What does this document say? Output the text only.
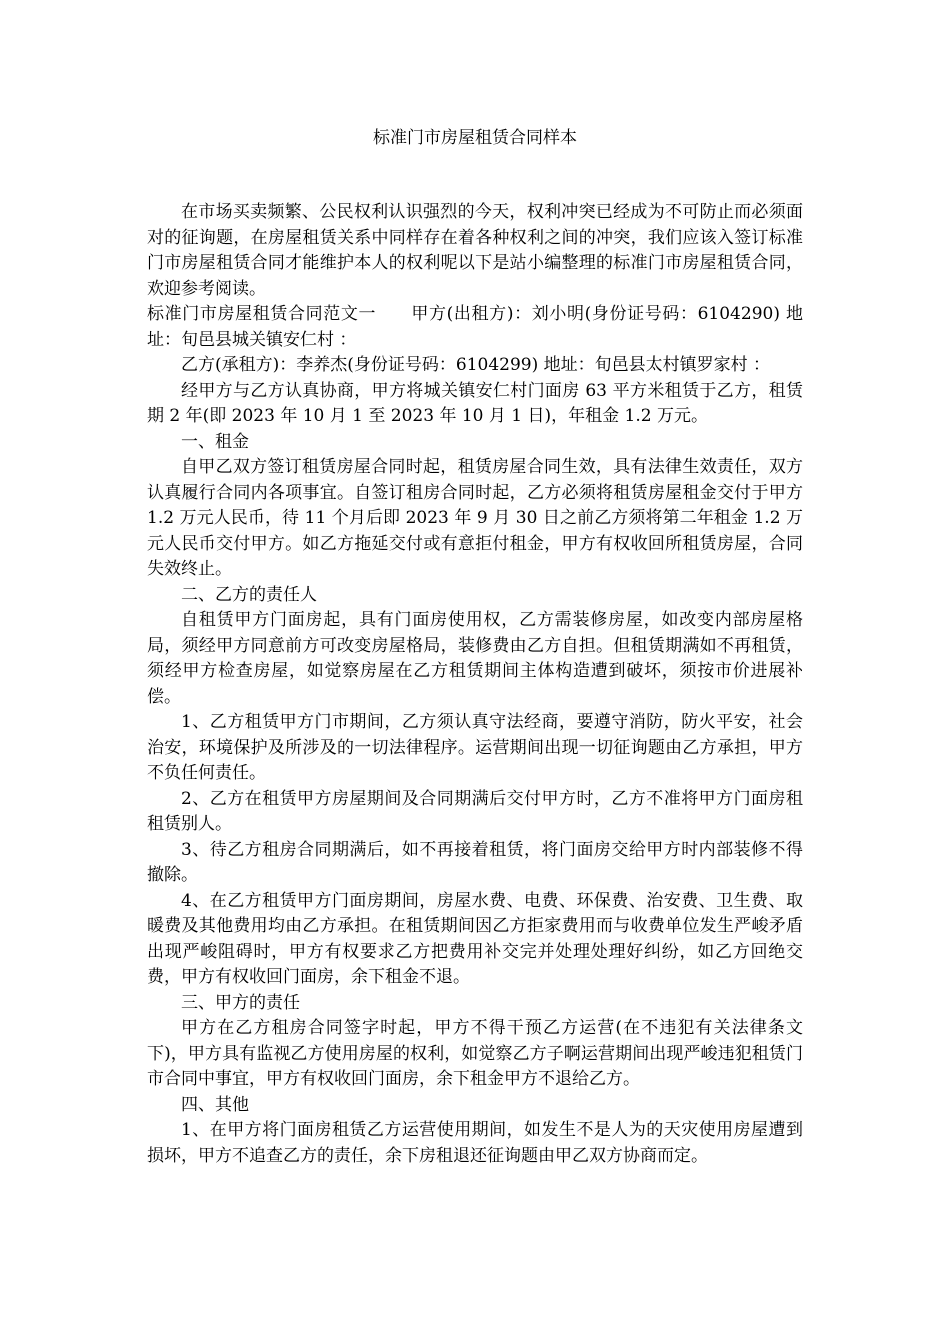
标准门市房屋租赁合同样本

在市场买卖频繁、公民权利认识强烈的今天，权利冲突已经成为不可防止而必须面对的征询题，在房屋租赁关系中同样存在着各种权利之间的冲突，我们应该入签订标准门市房屋租赁合同才能维护本人的权利呢以下是站小编整理的标准门市房屋租赁合同，欢迎参考阅读。

标准门市房屋租赁合同范文一　　甲方(出租方)：刘小明(身份证号码：6104290) 地址：旬邑县城关镇安仁村 ：

乙方(承租方)：李养杰(身份证号码：6104299) 地址：旬邑县太村镇罗家村 ：

经甲方与乙方认真协商，甲方将城关镇安仁村门面房 63 平方米租赁于乙方，租赁期 2 年(即 2023 年 10 月 1 至 2023 年 10 月 1 日)，年租金 1.2 万元。

一、租金

自甲乙双方签订租赁房屋合同时起，租赁房屋合同生效，具有法律生效责任，双方认真履行合同内各项事宜。自签订租房合同时起，乙方必须将租赁房屋租金交付于甲方 1.2 万元人民币，待 11 个月后即 2023 年 9 月 30 日之前乙方须将第二年租金 1.2 万元人民币交付甲方。如乙方拖延交付或有意拒付租金，甲方有权收回所租赁房屋，合同失效终止。

二、乙方的责任人

自租赁甲方门面房起，具有门面房使用权，乙方需装修房屋，如改变内部房屋格局，须经甲方同意前方可改变房屋格局，装修费由乙方自担。但租赁期满如不再租赁，须经甲方检查房屋，如觉察房屋在乙方租赁期间主体构造遭到破坏，须按市价进展补偿。

1、乙方租赁甲方门市期间，乙方须认真守法经商，要遵守消防，防火平安，社会治安，环境保护及所涉及的一切法律程序。运营期间出现一切征询题由乙方承担，甲方不负任何责任。

2、乙方在租赁甲方房屋期间及合同期满后交付甲方时，乙方不准将甲方门面房租租赁别人。

3、待乙方租房合同期满后，如不再接着租赁，将门面房交给甲方时内部装修不得撤除。

4、在乙方租赁甲方门面房期间，房屋水费、电费、环保费、治安费、卫生费、取暖费及其他费用均由乙方承担。在租赁期间因乙方拒家费用而与收费单位发生严峻矛盾出现严峻阻碍时，甲方有权要求乙方把费用补交完并处理处理好纠纷，如乙方回绝交费，甲方有权收回门面房，余下租金不退。

三、甲方的责任

甲方在乙方租房合同签字时起，甲方不得干预乙方运营(在不违犯有关法律条文下)，甲方具有监视乙方使用房屋的权利，如觉察乙方子啊运营期间出现严峻违犯租赁门市合同中事宜，甲方有权收回门面房，余下租金甲方不退给乙方。

四、其他

1、在甲方将门面房租赁乙方运营使用期间，如发生不是人为的天灾使用房屋遭到损坏，甲方不追查乙方的责任，余下房租退还征询题由甲乙双方协商而定。
